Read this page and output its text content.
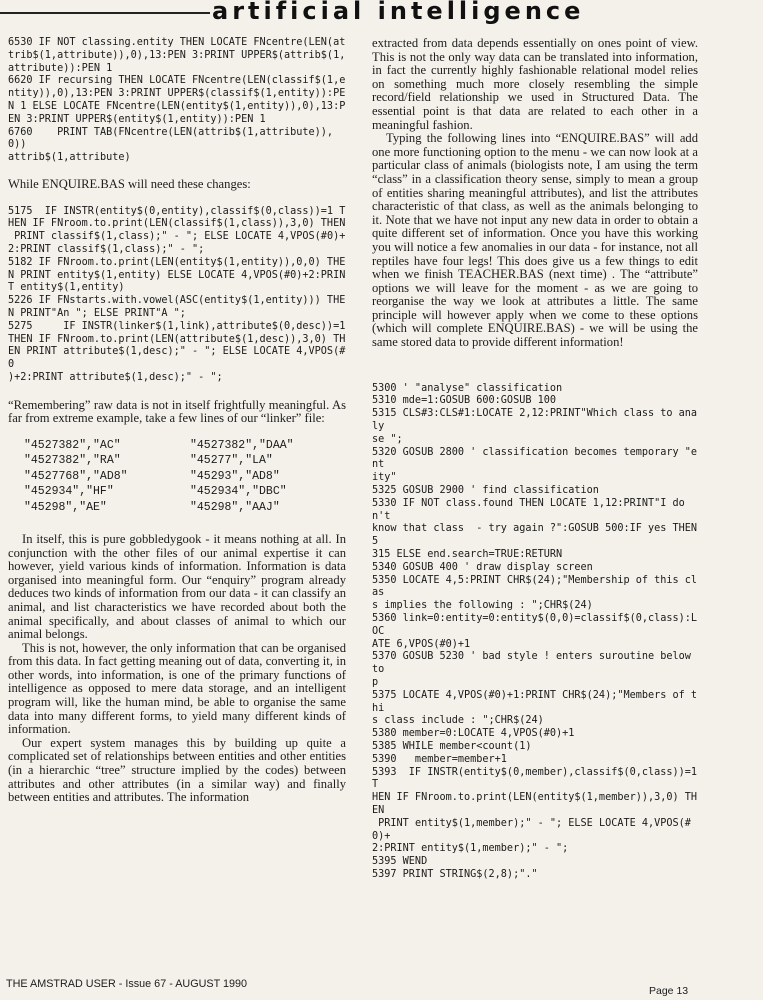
artificial intelligence
6530 IF NOT classing.entity THEN LOCATE FNcentre(LEN(at
trib$(1,attribute)),0),13:PEN 3:PRINT UPPER$(attrib$(1,
attribute)):PEN 1
6620 IF recursing THEN LOCATE FNcentre(LEN(classif$(1,e
ntity)),0),13:PEN 3:PRINT UPPER$(classif$(1,entity)):PE
N 1 ELSE LOCATE FNcentre(LEN(entity$(1,entity)),0),13:P
EN 3:PRINT UPPER$(entity$(1,entity)):PEN 1
6760    PRINT TAB(FNcentre(LEN(attrib$(1,attribute)),0))
attrib$(1,attribute)

While ENQUIRE.BAS will need these changes:

5175  IF INSTR(entity$(0,entity),classif$(0,class))=1 T
HEN IF FNroom.to.print(LEN(classif$(1,class)),3,0) THEN
PRINT classif$(1,class);" - "; ELSE LOCATE 4,VPOS(#0)+
2:PRINT classif$(1,class);" - ";
5182 IF FNroom.to.print(LEN(entity$(1,entity)),0,0) THE
N PRINT entity$(1,entity) ELSE LOCATE 4,VPOS(#0)+2:PRIN
T entity$(1,entity)
5226 IF FNstarts.with.vowel(ASC(entity$(1,entity))) THE
N PRINT"An "; ELSE PRINT"A ";
5275     IF INSTR(linker$(1,link),attribute$(0,desc))=1
THEN IF FNroom.to.print(LEN(attribute$(1,desc)),3,0) TH
EN PRINT attribute$(1,desc);" - "; ELSE LOCATE 4,VPOS(#0
)+2:PRINT attribute$(1,desc);" - ";

“Remembering” raw data is not in itself frightfully meaningful. As far from extreme example, take a few lines of our “linker” file:

"4527382","AC"	"4527382","DAA"
"4527382","RA"	"45277","LA"
"4527768","AD8"	"45293","AD8"
"452934","HF"	"452934","DBC"
"45298","AE"	"45298","AAJ"

In itself, this is pure gobbledygook - it means nothing at all. In conjunction with the other files of our animal expertise it can however, yield various kinds of information. Information is data organised into meaningful form. Our “enquiry” program already deduces two kinds of information from our data - it can classify an animal, and list characteristics we have recorded about both the animal specifically, and about classes of animal to which our animal belongs.

This is not, however, the only information that can be organised from this data. In fact getting meaning out of data, converting it, in other words, into information, is one of the primary functions of intelligence as opposed to mere data storage, and an intelligent program will, like the human mind, be able to organise the same data into many different forms, to yield many different kinds of information.

Our expert system manages this by building up quite a complicated set of relationships between entities and other entities (in a hierarchic “tree” structure implied by the codes) between attributes and other attributes (in a similar way) and finally between entities and attributes. The information

extracted from data depends essentially on ones point of view. This is not the only way data can be translated into information, in fact the currently highly fashionable relational model relies on something much more closely resembling the simple record/field relationship we used in Structured Data. The essential point is that data are related to each other in a meaningful fashion.

Typing the following lines into “ENQUIRE.BAS” will add one more functioning option to the menu - we can now look at a particular class of animals (biologists note, I am using the term “class” in a classification theory sense, simply to mean a group of entities sharing meaningful attributes), and list the attributes characteristic of that class, as well as the animals belonging to it. Note that we have not input any new data in order to obtain a quite different set of information. Once you have this working you will notice a few anomalies in our data - for instance, not all reptiles have four legs! This does give us a few things to edit when we finish TEACHER.BAS (next time) . The “attribute” options we will leave for the moment - as we are going to reorganise the way we look at attributes a little. The same principle will however apply when we come to these options (which will complete ENQUIRE.BAS) - we will be using the same stored data to provide different information!

5300 ' "analyse" classification
5310 mde=1:GOSUB 600:GOSUB 100
5315 CLS#3:CLS#1:LOCATE 2,12:PRINT"Which class to analy
se ";
5320 GOSUB 2800 ' classification becomes temporary "ent
ity"
5325 GOSUB 2900 ' find classification
5330 IF NOT class.found THEN LOCATE 1,12:PRINT"I don't
know that class  - try again ?":GOSUB 500:IF yes THEN 5
315 ELSE end.search=TRUE:RETURN
5340 GOSUB 400 ' draw display screen
5350 LOCATE 4,5:PRINT CHR$(24);"Membership of this clas
s implies the following : ";CHR$(24)
5360 link=0:entity=0:entity$(0,0)=classif$(0,class):LOC
ATE 6,VPOS(#0)+1
5370 GOSUB 5230 ' bad style ! enters suroutine below to
p
5375 LOCATE 4,VPOS(#0)+1:PRINT CHR$(24);"Members of thi
s class include : ";CHR$(24)
5380 member=0:LOCATE 4,VPOS(#0)+1
5385 WHILE member<count(1)
5390   member=member+1
5393  IF INSTR(entity$(0,member),classif$(0,class))=1 T
HEN IF FNroom.to.print(LEN(entity$(1,member)),3,0) THEN
PRINT entity$(1,member);" - "; ELSE LOCATE 4,VPOS(#0)+
2:PRINT entity$(1,member);" - ";
5395 WEND
5397 PRINT STRING$(2,8);"."
THE AMSTRAD USER - Issue 67 - AUGUST 1990
Page 13
